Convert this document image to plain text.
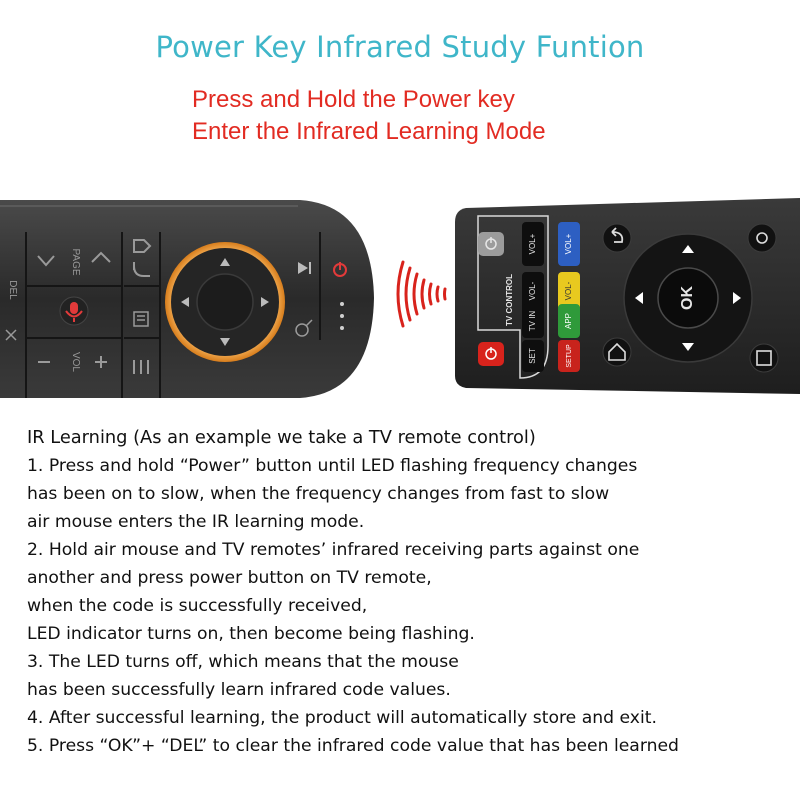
Power Key Infrared Study Funtion
Press and Hold the Power key
Enter the Infrared Learning Mode
PAGE
VOL
DEL	TV CONTROL
VOL+
VOL-
TV IN
SET
VOL+
VOL-
APP
SETUP
OK
IR Learning (As an example we take a TV remote control)
1. Press and hold “Power” button until LED flashing frequency changes
has been on to slow, when the frequency changes from fast to slow
air mouse enters the IR learning mode.
2. Hold air mouse and TV remotes’ infrared receiving parts against one
another and press power button on TV remote,
when the code is successfully received,
LED indicator turns on, then become being flashing.
3. The LED turns off, which means that the mouse
has been successfully learn infrared code values.
4. After successful learning, the product will automatically store and exit.
5. Press “OK”+ “DEL” to clear the infrared code value that has been learned
